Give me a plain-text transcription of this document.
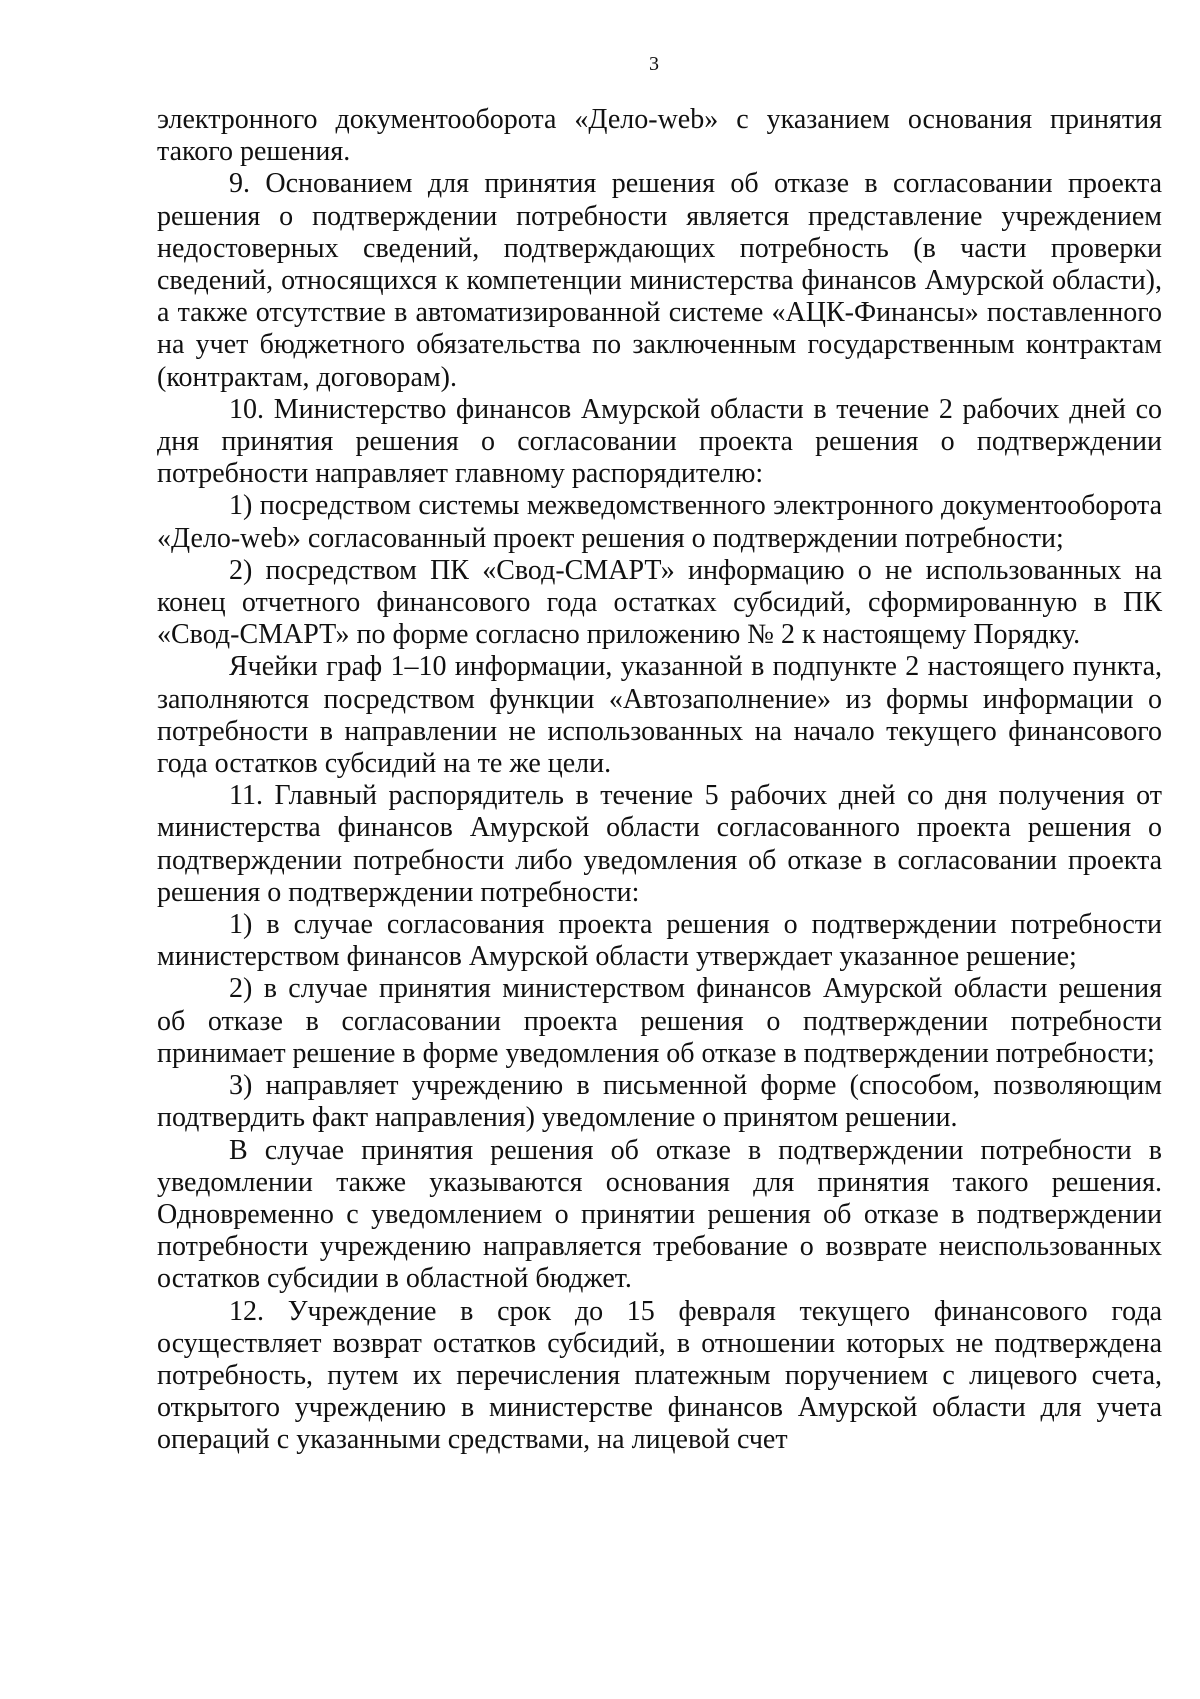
3

электронного документооборота «Дело-web» с указанием основания принятия такого решения.

9. Основанием для принятия решения об отказе в согласовании проекта решения о подтверждении потребности является представление учреждением недостоверных сведений, подтверждающих потребность (в части проверки сведений, относящихся к компетенции министерства финансов Амурской области), а также отсутствие в автоматизированной системе «АЦК-Финансы» поставленного на учет бюджетного обязательства по заключенным государственным контрактам (контрактам, договорам).

10. Министерство финансов Амурской области в течение 2 рабочих дней со дня принятия решения о согласовании проекта решения о подтверждении потребности направляет главному распорядителю:

1) посредством системы межведомственного электронного документооборота «Дело-web» согласованный проект решения о подтверждении потребности;

2) посредством ПК «Свод-СМАРТ» информацию о не использованных на конец отчетного финансового года остатках субсидий, сформированную в ПК «Свод-СМАРТ» по форме согласно приложению № 2 к настоящему Порядку.

Ячейки граф 1–10 информации, указанной в подпункте 2 настоящего пункта, заполняются посредством функции «Автозаполнение» из формы информации о потребности в направлении не использованных на начало текущего финансового года остатков субсидий на те же цели.

11. Главный распорядитель в течение 5 рабочих дней со дня получения от министерства финансов Амурской области согласованного проекта решения о подтверждении потребности либо уведомления об отказе в согласовании проекта решения о подтверждении потребности:

1) в случае согласования проекта решения о подтверждении потребности министерством финансов Амурской области утверждает указанное решение;

2) в случае принятия министерством финансов Амурской области решения об отказе в согласовании проекта решения о подтверждении потребности принимает решение в форме уведомления об отказе в подтверждении потребности;

3) направляет учреждению в письменной форме (способом, позволяющим подтвердить факт направления) уведомление о принятом решении.

В случае принятия решения об отказе в подтверждении потребности в уведомлении также указываются основания для принятия такого решения. Одновременно с уведомлением о принятии решения об отказе в подтверждении потребности учреждению направляется требование о возврате неиспользованных остатков субсидии в областной бюджет.

12. Учреждение в срок до 15 февраля текущего финансового года осуществляет возврат остатков субсидий, в отношении которых не подтверждена потребность, путем их перечисления платежным поручением с лицевого счета, открытого учреждению в министерстве финансов Амурской области для учета операций с указанными средствами, на лицевой счет
